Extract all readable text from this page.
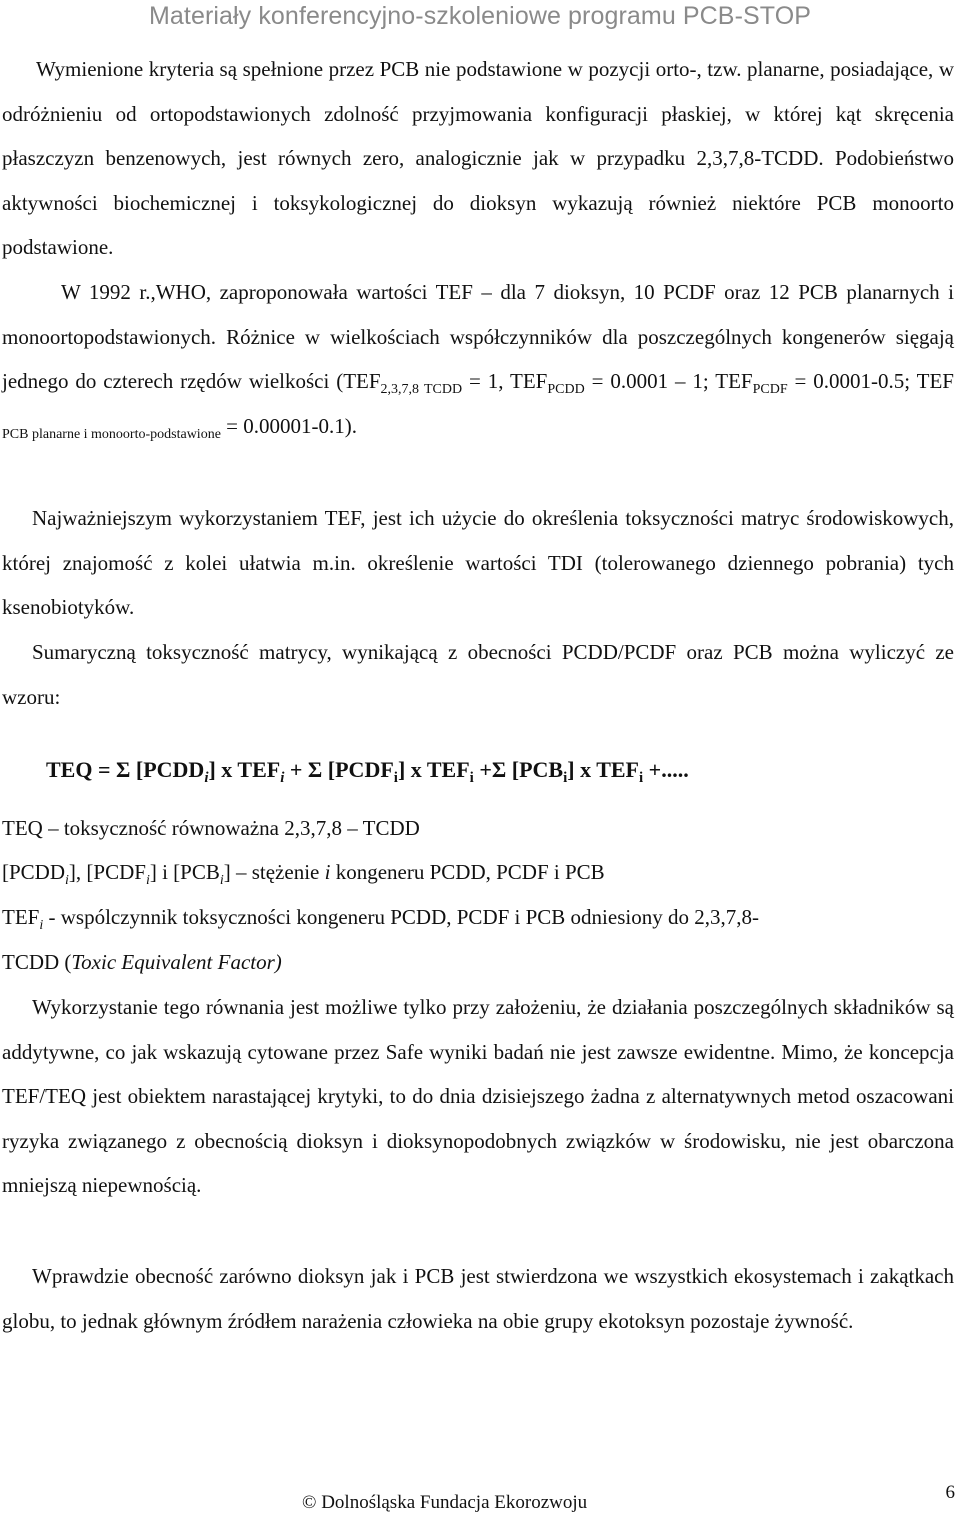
Materiały konferencyjno-szkoleniowe programu PCB-STOP
Wymienione kryteria są spełnione przez PCB nie podstawione w pozycji orto-, tzw. planarne, posiadające, w odróżnieniu od ortopodstawionych zdolność przyjmowania konfiguracji płaskiej, w której kąt skręcenia płaszczyzn benzenowych, jest równych zero, analogicznie jak w przypadku 2,3,7,8-TCDD. Podobieństwo aktywności biochemicznej i toksykologicznej do dioksyn wykazują również niektóre PCB monoorto podstawione.
W 1992 r.,WHO, zaproponowała wartości TEF – dla 7 dioksyn, 10 PCDF oraz 12 PCB planarnych i monoortopodstawionych. Różnice w wielkościach współczynników dla poszczególnych kongenerów sięgają jednego do czterech rzędów wielkości ($TEF_{2,3,7,8 TCDD} = 1$, $TEF_{PCDD} = 0.0001 - 1$; $TEF_{PCDF} = 0.0001-0.5$; TEF $_{PCB planarne i monoorto-podstawione}$ = 0.00001-0.1).
Najważniejszym wykorzystaniem TEF, jest ich użycie do określenia toksyczności matryc środowiskowych, której znajomość z kolei ułatwia m.in. określenie wartości TDI (tolerowanego dziennego pobrania) tych ksenobiotyków.
Sumaryczną toksyczność matrycy, wynikającą z obecności PCDD/PCDF oraz PCB można wyliczyć ze wzoru:
TEQ = Σ $[PCDD_i]$ x $TEF_i + \Sigma$ $[PCDF_i]$ x $TEF_i +\Sigma$ $[PCB_i]$ x $TEF_i$ +.....
TEQ – toksyczność równoważna 2,3,7,8 – TCDD
$[PCDD_i]$, $[PCDF_i]$ i $[PCB_i]$ – stężenie i kongeneru PCDD, PCDF i PCB
$TEF_i$ - wspólczynnik toksyczności kongeneru PCDD, PCDF i PCB odniesiony do 2,3,7,8-
TCDD (Toxic Equivalent Factor)
Wykorzystanie tego równania jest możliwe tylko przy założeniu, że działania poszczególnych składników są addytywne, co jak wskazują cytowane przez Safe wyniki badań nie jest zawsze ewidentne. Mimo, że koncepcja TEF/TEQ jest obiektem narastającej krytyki, to do dnia dzisiejszego żadna z alternatywnych metod oszacowani ryzyka związanego z obecnością dioksyn i dioksynopodobnych związków w środowisku, nie jest obarczona mniejszą niepewnością.
Wprawdzie obecność zarówno dioksyn jak i PCB jest stwierdzona we wszystkich ekosystemach i zakątkach globu, to jednak głównym źródłem narażenia człowieka na obie grupy ekotoksyn pozostaje żywność.
© Dolnośląska Fundacja Ekorozwoju	6
